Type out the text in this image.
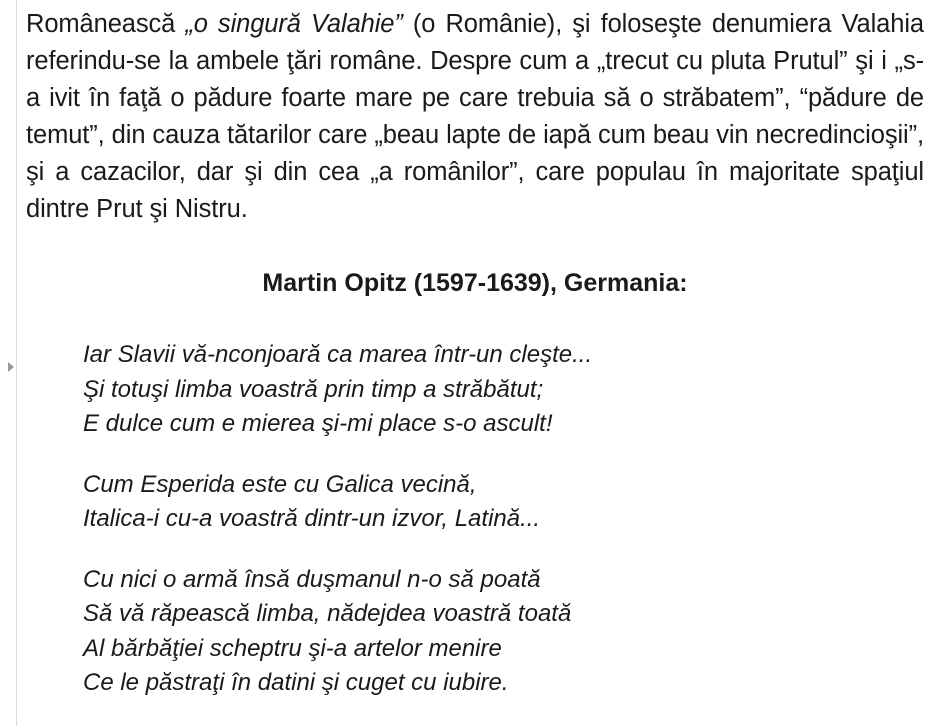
Românească „o singură Valahie” (o Românie), şi foloseşte denumiera Valahia referindu-se la ambele ţări române. Despre cum a „trecut cu pluta Prutul” şi i „s-a ivit în faţă o pădure foarte mare pe care trebuia să o străbatem”, “pădure de temut”, din cauza tătarilor care „beau lapte de iapă cum beau vin necredincioşii”, şi a cazacilor, dar şi din cea „a românilor”, care populau în majoritate spaţiul dintre Prut şi Nistru.

Martin Opitz (1597-1639), Germania:
Iar Slavii vă-nconjoară ca marea într-un cleşte...
Şi totuşi limba voastră prin timp a străbătut;
E dulce cum e mierea şi-mi place s-o ascult!
Cum Esperida este cu Galica vecină,
Italica-i cu-a voastră dintr-un izvor, Latină...
Cu nici o armă însă duşmanul n-o să poată
Să vă răpească limba, nădejdea voastră toată
Al bărbăţiei scheptru şi-a artelor menire
Ce le păstraţi în datini şi cuget cu iubire.
